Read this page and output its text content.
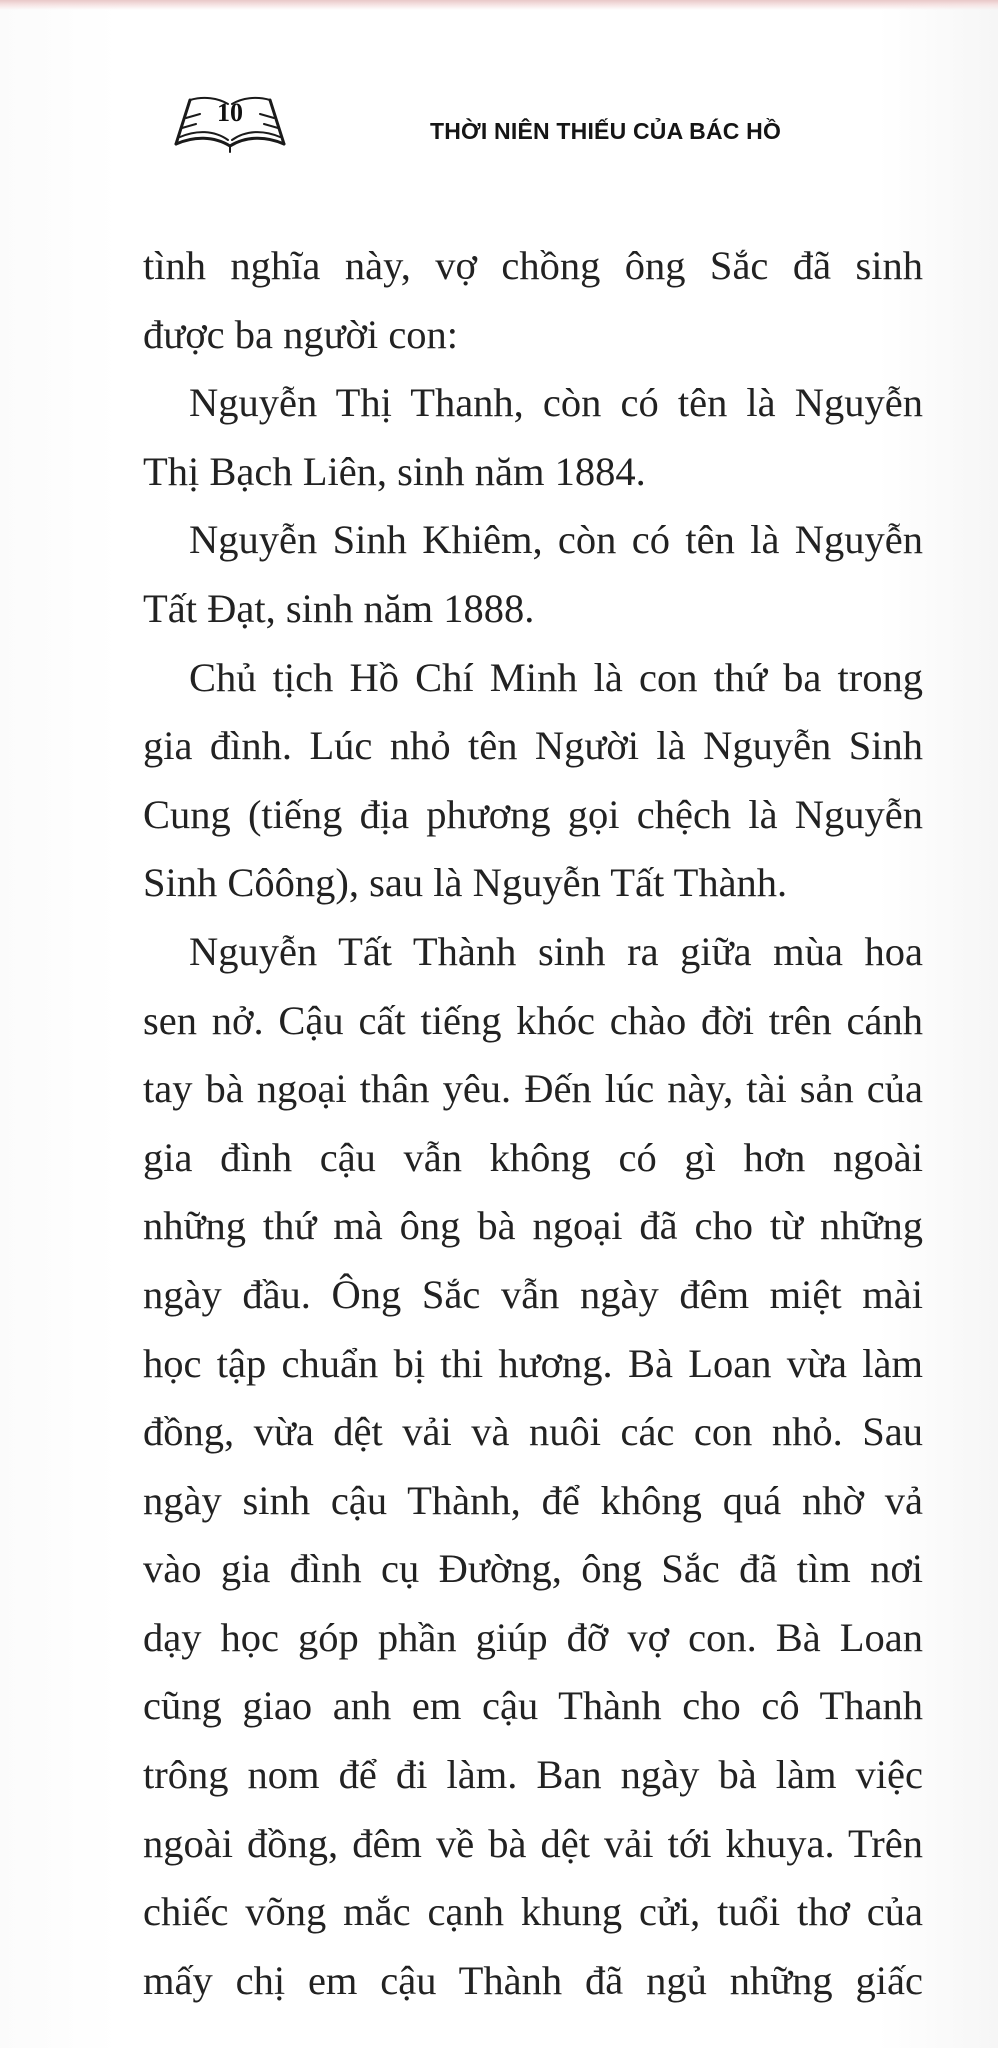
10
THỜI NIÊN THIẾU CỦA BÁC HỒ
tình nghĩa này, vợ chồng ông Sắc đã sinh
được ba người con:
Nguyễn Thị Thanh, còn có tên là Nguyễn
Thị Bạch Liên, sinh năm 1884.
Nguyễn Sinh Khiêm, còn có tên là Nguyễn
Tất Đạt, sinh năm 1888.
Chủ tịch Hồ Chí Minh là con thứ ba trong
gia đình. Lúc nhỏ tên Người là Nguyễn Sinh
Cung (tiếng địa phương gọi chệch là Nguyễn
Sinh Côông), sau là Nguyễn Tất Thành.
Nguyễn Tất Thành sinh ra giữa mùa hoa
sen nở. Cậu cất tiếng khóc chào đời trên cánh
tay bà ngoại thân yêu. Đến lúc này, tài sản của
gia đình cậu vẫn không có gì hơn ngoài
những thứ mà ông bà ngoại đã cho từ những
ngày đầu. Ông Sắc vẫn ngày đêm miệt mài
học tập chuẩn bị thi hương. Bà Loan vừa làm
đồng, vừa dệt vải và nuôi các con nhỏ. Sau
ngày sinh cậu Thành, để không quá nhờ vả
vào gia đình cụ Đường, ông Sắc đã tìm nơi
dạy học góp phần giúp đỡ vợ con. Bà Loan
cũng giao anh em cậu Thành cho cô Thanh
trông nom để đi làm. Ban ngày bà làm việc
ngoài đồng, đêm về bà dệt vải tới khuya. Trên
chiếc võng mắc cạnh khung cửi, tuổi thơ của
mấy chị em cậu Thành đã ngủ những giấc
